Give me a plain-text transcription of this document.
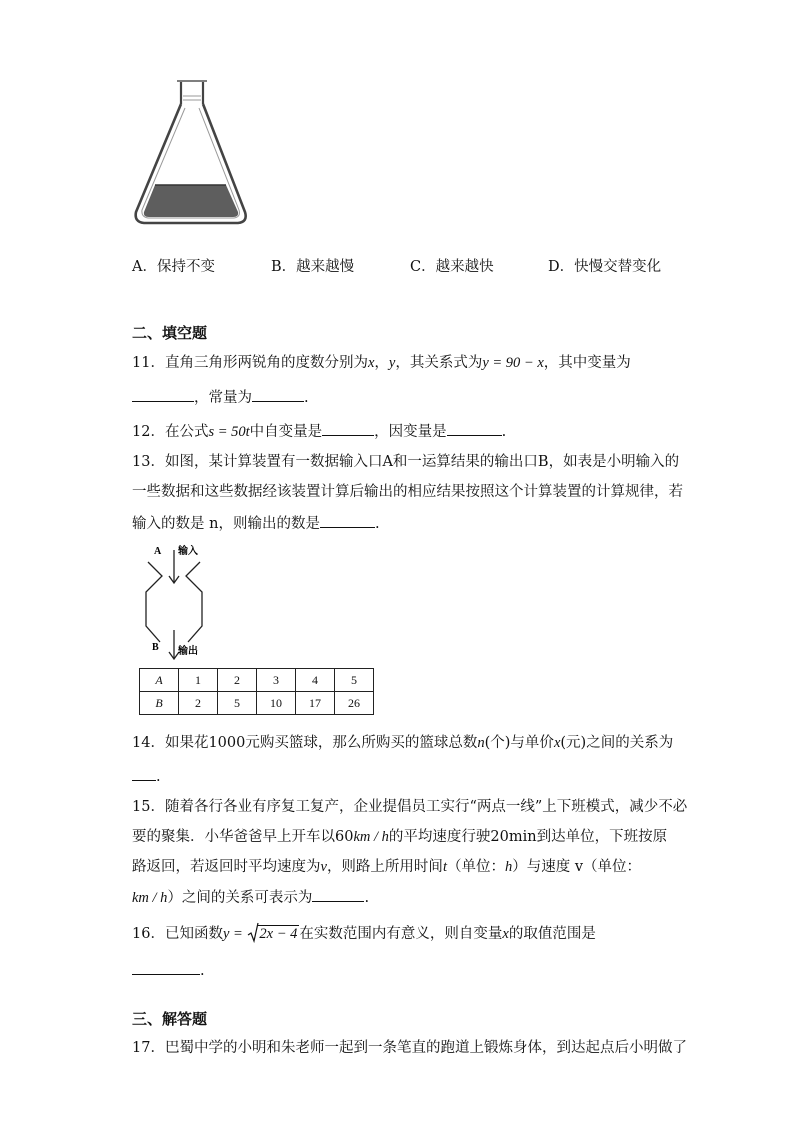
A．保持不变	B．越来越慢	C．越来越快	D．快慢交替变化
二、填空题
11．直角三角形两锐角的度数分别为x，y，其关系式为y = 90 − x，其中变量为
，常量为	.
12．在公式s = 50t中自变量是	，因变量是	.
13．如图，某计算装置有一数据输入口A和一运算结果的输出口B，如表是小明输入的
一些数据和这些数据经该装置计算后输出的相应结果按照这个计算装置的计算规律，若
输入的数是 n，则输出的数是	.
A 输入
B 输出
A	1	2	3	4	5
B	2	5	10	17	26
14．如果花1000元购买篮球，那么所购买的篮球总数n(个)与单价x(元)之间的关系为
.
15．随着各行各业有序复工复产，企业提倡员工实行“两点一线”上下班模式，减少不必
要的聚集．小华爸爸早上开车以60km / h的平均速度行驶20min到达单位，下班按原
路返回，若返回时平均速度为v，则路上所用时间t（单位：h）与速度 v（单位：
km / h）之间的关系可表示为	.
16．已知函数y = 2x − 4 在实数范围内有意义，则自变量x的取值范围是
.
三、解答题
17．巴蜀中学的小明和朱老师一起到一条笔直的跑道上锻炼身体，到达起点后小明做了
